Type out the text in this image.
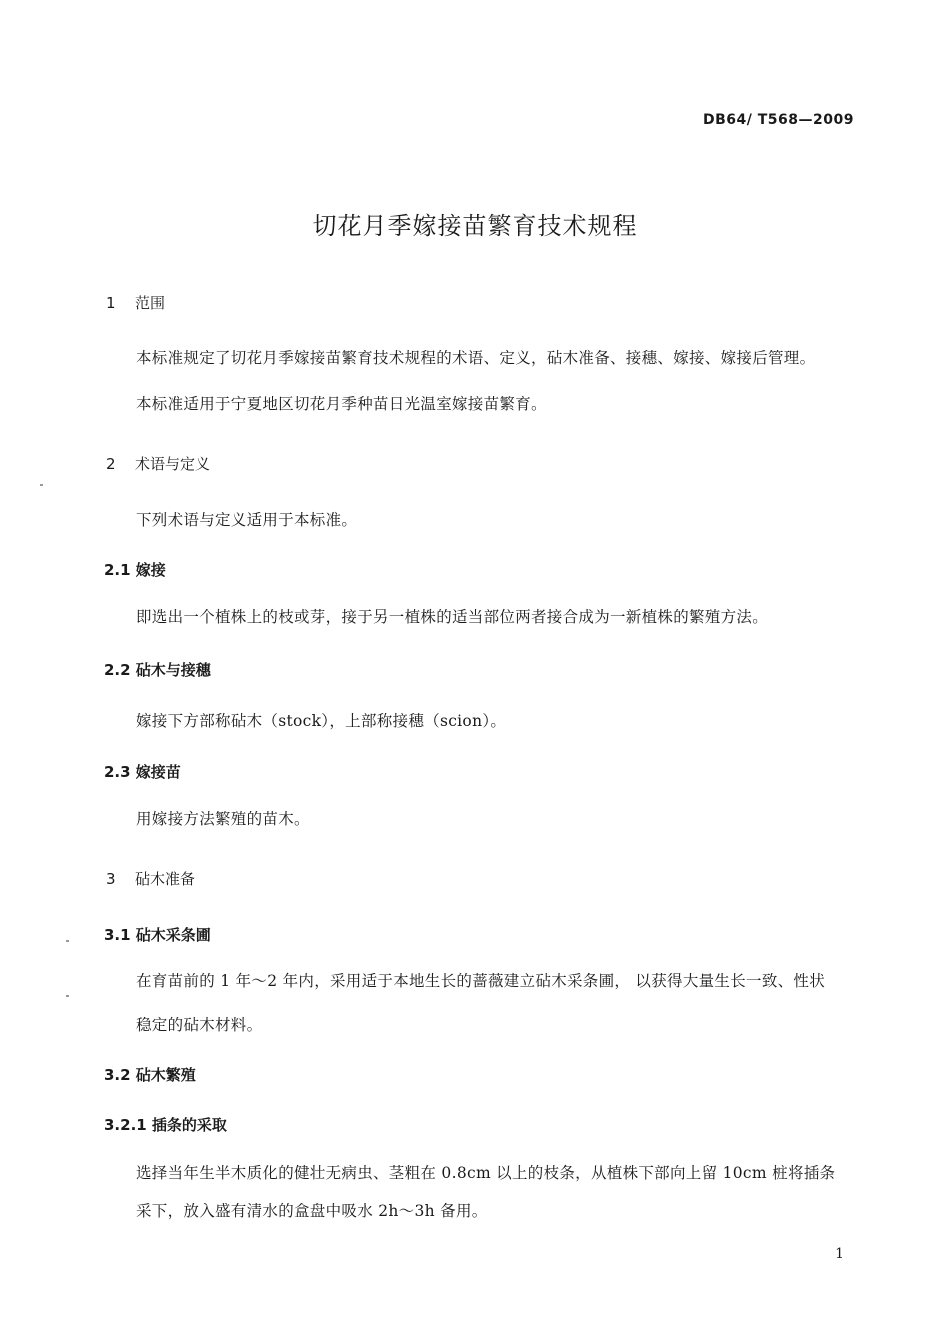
DB64/ T568—2009
切花月季嫁接苗繁育技术规程
1 范围
本标准规定了切花月季嫁接苗繁育技术规程的术语、定义，砧木准备、接穗、嫁接、嫁接后管理。
本标准适用于宁夏地区切花月季种苗日光温室嫁接苗繁育。
2 术语与定义
下列术语与定义适用于本标准。
2.1 嫁接
即选出一个植株上的枝或芽，接于另一植株的适当部位两者接合成为一新植株的繁殖方法。
2.2 砧木与接穗
嫁接下方部称砧木（stock），上部称接穗（scion）。
2.3 嫁接苗
用嫁接方法繁殖的苗木。
3 砧木准备
3.1 砧木采条圃
在育苗前的 1 年～2 年内，采用适于本地生长的蔷薇建立砧木采条圃， 以获得大量生长一致、性状
稳定的砧木材料。
3.2 砧木繁殖
3.2.1 插条的采取
选择当年生半木质化的健壮无病虫、茎粗在 0.8cm 以上的枝条，从植株下部向上留 10cm 桩将插条
采下，放入盛有清水的盒盘中吸水 2h～3h 备用。
1
